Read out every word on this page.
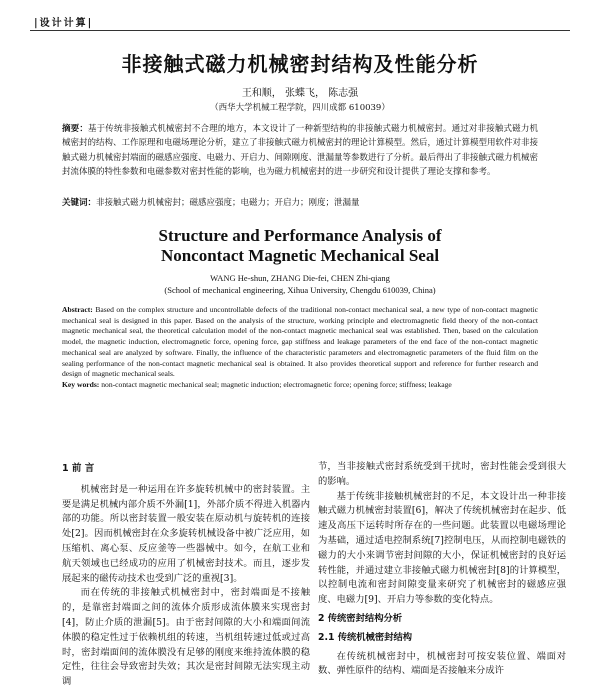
|设计计算|
非接触式磁力机械密封结构及性能分析
王和顺， 张蝶飞， 陈志强
（西华大学机械工程学院，四川成都 610039）
摘要：基于传统非接触式机械密封不合理的地方，本文设计了一种新型结构的非接触式磁力机械密封。通过对非接触式磁力机械密封的结构、工作原理和电磁场理论分析，建立了非接触式磁力机械密封的理论计算模型。然后，通过计算模型用软件对非接触式磁力机械密封端面的磁感应强度、电磁力、开启力、间隙刚度、泄漏量等参数进行了分析。最后得出了非接触式磁力机械密封流体膜的特性参数和电磁参数对密封性能的影响，也为磁力机械密封的进一步研究和设计提供了理论支撑和参考。
关键词：非接触式磁力机械密封；磁感应强度；电磁力；开启力；刚度；泄漏量
Structure and Performance Analysis of
Noncontact Magnetic Mechanical Seal
WANG He-shun, ZHANG Die-fei, CHEN Zhi-qiang
(School of mechanical engineering, Xihua University, Chengdu 610039, China)
Abstract: Based on the complex structure and uncontrollable defects of the traditional non-contact mechanical seal, a new type of non-contact magnetic mechanical seal is designed in this paper. Based on the analysis of the structure, working principle and electromagnetic field theory of the non-contact magnetic mechanical seal, the theoretical calculation model of the non-contact magnetic mechanical seal was established. Then, based on the calculation model, the magnetic induction, electromagnetic force, opening force, gap stiffness and leakage parameters of the end face of the non-contact magnetic mechanical seal are analyzed by software. Finally, the influence of the characteristic parameters and electromagnetic parameters of the fluid film on the sealing performance of the non-contact magnetic mechanical seal is obtained. It also provides theoretical support and reference for further research and design of magnetic mechanical seals.
Key words: non-contact magnetic mechanical seal; magnetic induction; electromagnetic force; opening force; stiffness; leakage
1 前 言

机械密封是一种运用在许多旋转机械中的密封装置。主要是满足机械内部介质不外漏[1]，外部介质不得进入机器内部的功能。所以密封装置一般安装在原动机与旋转机的连接处[2]。因而机械密封在众多旋转机械设备中被广泛应用，如压缩机、离心泵、反应釜等一些器械中。如今，在航工业和航天领域也已经成功的应用了机械密封技术。而且，逐步发展起来的磁传动技术也受到广泛的重视[3]。

而在传统的非接触式机械密封中，密封端面是不接触的，是靠密封端面之间的流体介质形成流体膜来实现密封[4]，防止介质的泄漏[5]。由于密封间隙的大小和端面间流体膜的稳定性过于依赖机组的转速，当机组转速过低或过高时，密封端面间的流体膜没有足够的刚度来维持流体膜的稳定性，往往会导致密封失效；其次是密封间隙无法实现主动调

节，当非接触式密封系统受到干扰时，密封性能会受到很大的影响。

基于传统非接触机械密封的不足，本文设计出一种非接触式磁力机械密封装置[6]，解决了传统机械密封在起步、低速及高压下运转时所存在的一些问题。此装置以电磁场理论为基础，通过适电控制系统[7]控制电压，从而控制电磁铁的磁力的大小来调节密封间隙的大小，保证机械密封的良好运转性能，并通过建立非接触式磁力机械密封[8]的计算模型，以控制电流和密封间隙变量来研究了机械密封的磁感应强度、电磁力[9]、开启力等参数的变化特点。

2 传统密封结构分析
2.1 传统机械密封结构

在传统机械密封中，机械密封可按安装位置、端面对数、弹性原件的结构、端面是否接触来分成许
